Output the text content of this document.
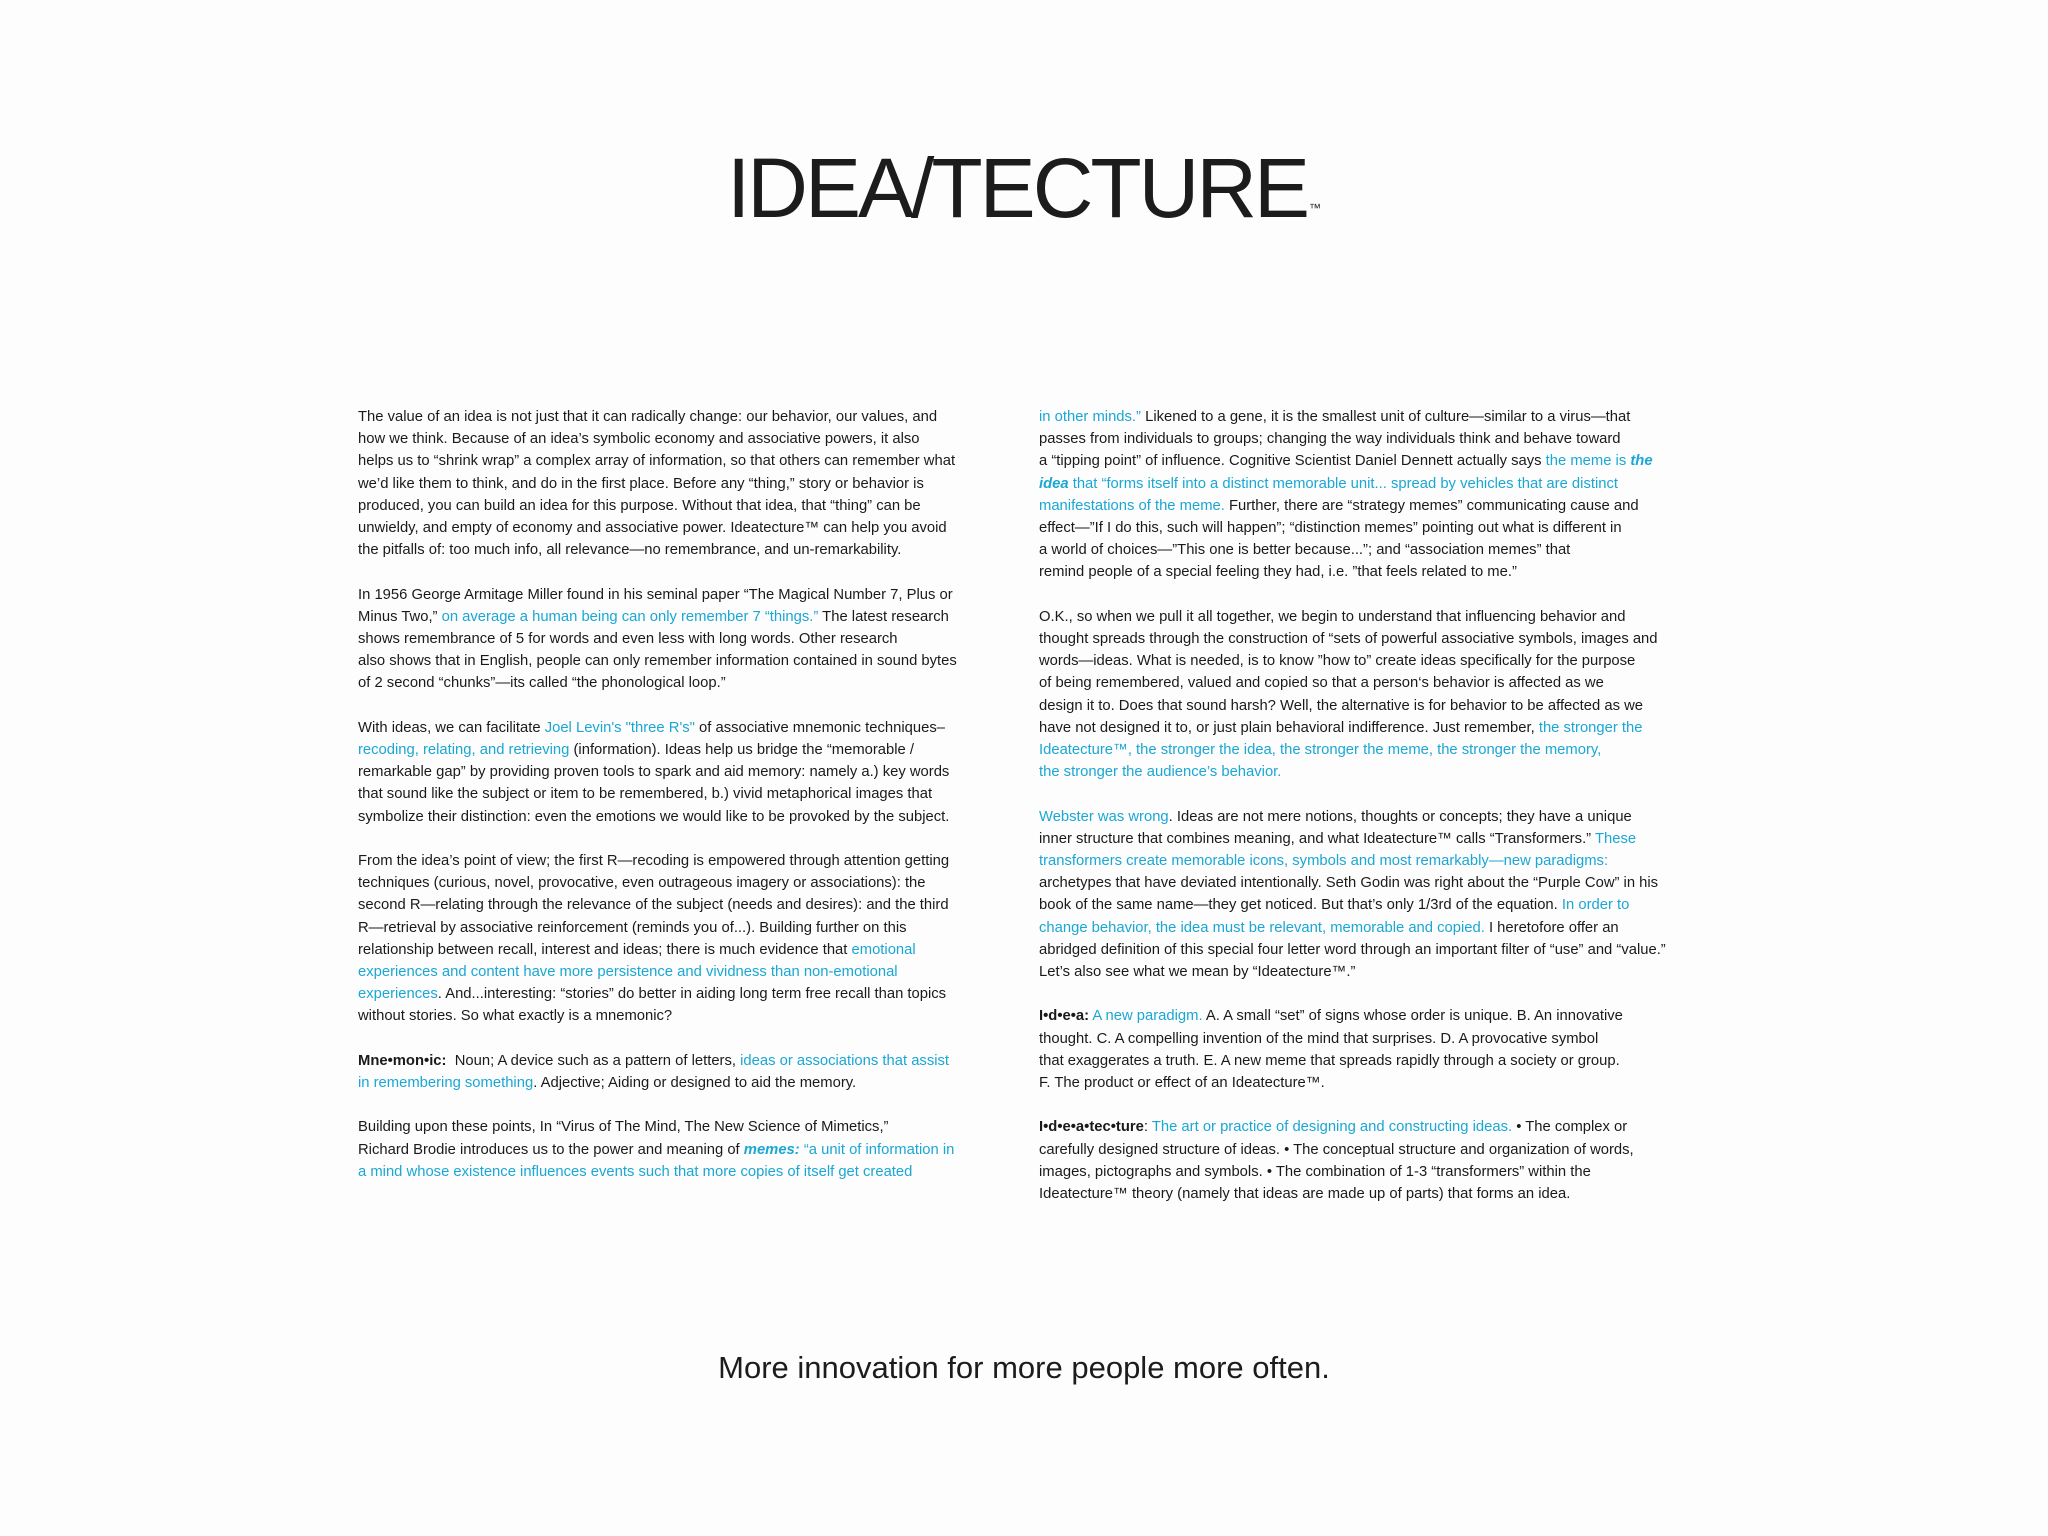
IDEA/TECTURE ™

The value of an idea is not just that it can radically change: our behavior, our values, and
how we think. Because of an idea’s symbolic economy and associative powers, it also
helps us to “shrink wrap” a complex array of information, so that others can remember what
we’d like them to think, and do in the first place. Before any “thing,” story or behavior is
produced, you can build an idea for this purpose. Without that idea, that “thing” can be
unwieldy, and empty of economy and associative power. Ideatecture™ can help you avoid
the pitfalls of: too much info, all relevance—no remembrance, and un-remarkability.

In 1956 George Armitage Miller found in his seminal paper “The Magical Number 7, Plus or
Minus Two,” on average a human being can only remember 7 “things.” The latest research
shows remembrance of 5 for words and even less with long words. Other research
also shows that in English, people can only remember information contained in sound bytes
of 2 second “chunks”—its called “the phonological loop.”

With ideas, we can facilitate Joel Levin's "three R's" of associative mnemonic techniques–
recoding, relating, and retrieving (information). Ideas help us bridge the “memorable /
remarkable gap” by providing proven tools to spark and aid memory: namely a.) key words
that sound like the subject or item to be remembered, b.) vivid metaphorical images that
symbolize their distinction: even the emotions we would like to be provoked by the subject.

From the idea’s point of view; the first R—recoding is empowered through attention getting
techniques (curious, novel, provocative, even outrageous imagery or associations): the
second R—relating through the relevance of the subject (needs and desires): and the third
R—retrieval by associative reinforcement (reminds you of...). Building further on this
relationship between recall, interest and ideas; there is much evidence that emotional
experiences and content have more persistence and vividness than non-emotional
experiences. And...interesting: “stories” do better in aiding long term free recall than topics
without stories. So what exactly is a mnemonic?

Mne•mon•ic:  Noun; A device such as a pattern of letters, ideas or associations that assist
in remembering something. Adjective; Aiding or designed to aid the memory.

Building upon these points, In “Virus of The Mind, The New Science of Mimetics,”
Richard Brodie introduces us to the power and meaning of memes: “a unit of information in
a mind whose existence influences events such that more copies of itself get created

in other minds.” Likened to a gene, it is the smallest unit of culture—similar to a virus—that
passes from individuals to groups; changing the way individuals think and behave toward
a “tipping point” of influence. Cognitive Scientist Daniel Dennett actually says the meme is the
idea that “forms itself into a distinct memorable unit... spread by vehicles that are distinct
manifestations of the meme. Further, there are “strategy memes” communicating cause and
effect—”If I do this, such will happen”; “distinction memes” pointing out what is different in
a world of choices—”This one is better because...”; and “association memes” that
remind people of a special feeling they had, i.e. ”that feels related to me.”

O.K., so when we pull it all together, we begin to understand that influencing behavior and
thought spreads through the construction of “sets of powerful associative symbols, images and
words—ideas. What is needed, is to know ”how to” create ideas specifically for the purpose
of being remembered, valued and copied so that a person‘s behavior is affected as we
design it to. Does that sound harsh? Well, the alternative is for behavior to be affected as we
have not designed it to, or just plain behavioral indifference. Just remember, the stronger the
Ideatecture™, the stronger the idea, the stronger the meme, the stronger the memory,
the stronger the audience’s behavior.

Webster was wrong. Ideas are not mere notions, thoughts or concepts; they have a unique
inner structure that combines meaning, and what Ideatecture™ calls “Transformers.” These
transformers create memorable icons, symbols and most remarkably—new paradigms:
archetypes that have deviated intentionally. Seth Godin was right about the “Purple Cow” in his
book of the same name—they get noticed. But that’s only 1/3rd of the equation. In order to
change behavior, the idea must be relevant, memorable and copied. I heretofore offer an
abridged definition of this special four letter word through an important filter of “use” and “value.”
Let’s also see what we mean by “Ideatecture™.”

I•d•e•a: A new paradigm. A. A small “set” of signs whose order is unique. B. An innovative
thought. C. A compelling invention of the mind that surprises. D. A provocative symbol
that exaggerates a truth. E. A new meme that spreads rapidly through a society or group.
F. The product or effect of an Ideatecture™.

I•d•e•a•tec•ture: The art or practice of designing and constructing ideas. • The complex or
carefully designed structure of ideas. • The conceptual structure and organization of words,
images, pictographs and symbols. • The combination of 1-3 “transformers” within the
Ideatecture™ theory (namely that ideas are made up of parts) that forms an idea.

More innovation for more people more often.
